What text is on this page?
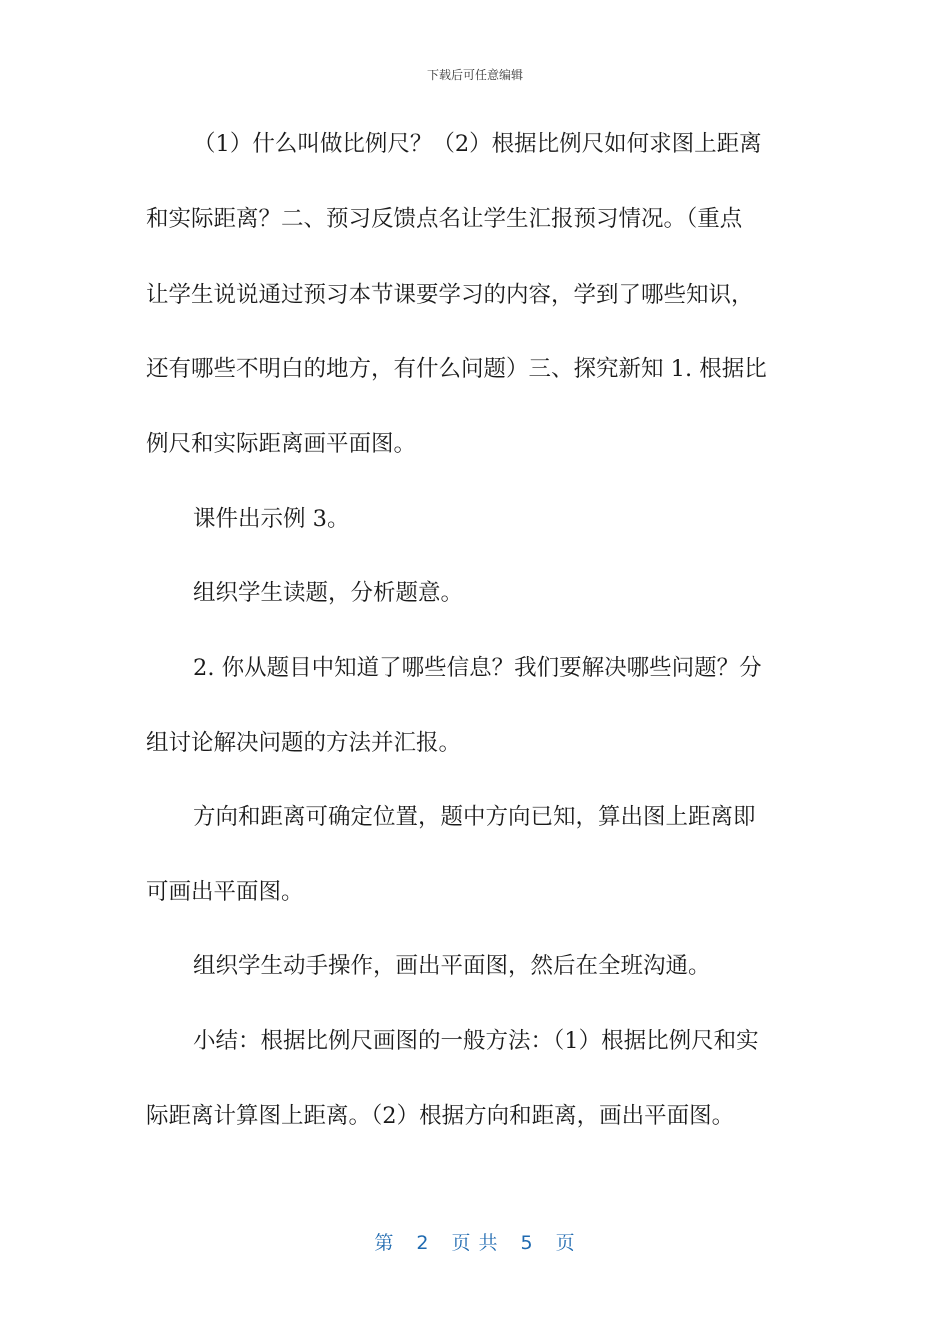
下载后可任意编辑
（1）什么叫做比例尺？（2）根据比例尺如何求图上距离
和实际距离？二、预习反馈点名让学生汇报预习情况。（重点
让学生说说通过预习本节课要学习的内容，学到了哪些知识，
还有哪些不明白的地方，有什么问题）三、探究新知 1. 根据比
例尺和实际距离画平面图。
课件出示例 3。
组织学生读题，分析题意。
2. 你从题目中知道了哪些信息？我们要解决哪些问题？分
组讨论解决问题的方法并汇报。
方向和距离可确定位置，题中方向已知，算出图上距离即
可画出平面图。
组织学生动手操作，画出平面图，然后在全班沟通。
小结：根据比例尺画图的一般方法：（1）根据比例尺和实
际距离计算图上距离。（2）根据方向和距离，画出平面图。
第 2 页 共 5 页
